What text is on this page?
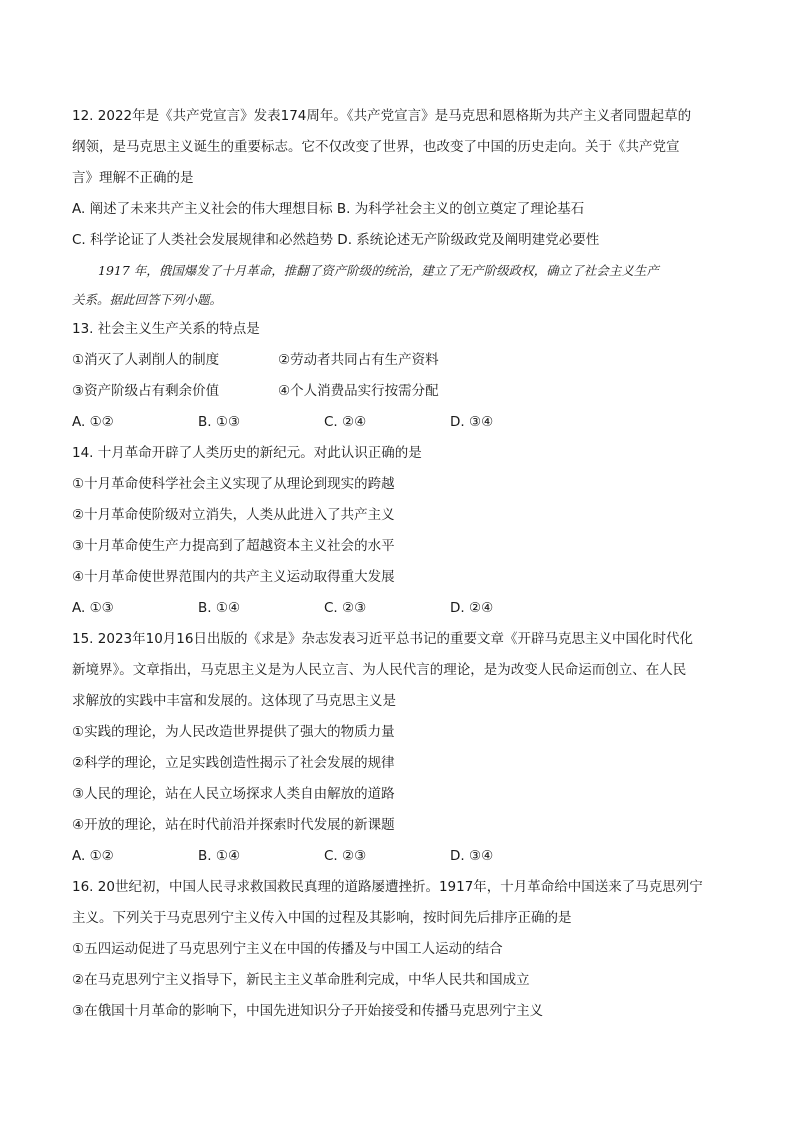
12. 2022年是《共产党宣言》发表174周年。《共产党宣言》是马克思和恩格斯为共产主义者同盟起草的
纲领，是马克思主义诞生的重要标志。它不仅改变了世界，也改变了中国的历史走向。关于《共产党宣
言》理解不正确的是
A. 阐述了未来共产主义社会的伟大理想目标 B. 为科学社会主义的创立奠定了理论基石
C. 科学论证了人类社会发展规律和必然趋势 D. 系统论述无产阶级政党及阐明建党必要性
1917 年，俄国爆发了十月革命，推翻了资产阶级的统治，建立了无产阶级政权，确立了社会主义生产
关系。据此回答下列小题。
13. 社会主义生产关系的特点是
①消灭了人剥削人的制度	②劳动者共同占有生产资料
③资产阶级占有剩余价值	④个人消费品实行按需分配
A. ①②	B. ①③	C. ②④	D. ③④
14. 十月革命开辟了人类历史的新纪元。对此认识正确的是
①十月革命使科学社会主义实现了从理论到现实的跨越
②十月革命使阶级对立消失，人类从此进入了共产主义
③十月革命使生产力提高到了超越资本主义社会的水平
④十月革命使世界范围内的共产主义运动取得重大发展
A. ①③	B. ①④	C. ②③	D. ②④
15. 2023年10月16日出版的《求是》杂志发表习近平总书记的重要文章《开辟马克思主义中国化时代化
新境界》。文章指出，马克思主义是为人民立言、为人民代言的理论，是为改变人民命运而创立、在人民
求解放的实践中丰富和发展的。这体现了马克思主义是
①实践的理论，为人民改造世界提供了强大的物质力量
②科学的理论，立足实践创造性揭示了社会发展的规律
③人民的理论，站在人民立场探求人类自由解放的道路
④开放的理论，站在时代前沿并探索时代发展的新课题
A. ①②	B. ①④	C. ②③	D. ③④
16. 20世纪初，中国人民寻求救国救民真理的道路屡遭挫折。1917年，十月革命给中国送来了马克思列宁
主义。下列关于马克思列宁主义传入中国的过程及其影响，按时间先后排序正确的是
①五四运动促进了马克思列宁主义在中国的传播及与中国工人运动的结合
②在马克思列宁主义指导下，新民主主义革命胜利完成，中华人民共和国成立
③在俄国十月革命的影响下，中国先进知识分子开始接受和传播马克思列宁主义
